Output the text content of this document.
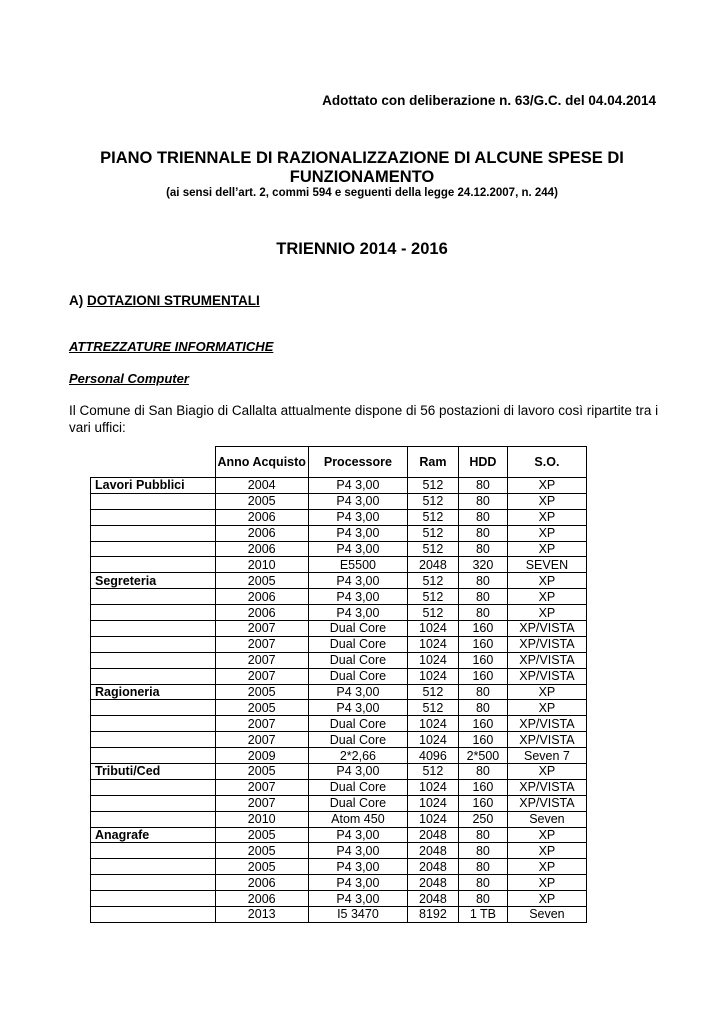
Adottato con deliberazione n. 63/G.C. del 04.04.2014
PIANO TRIENNALE DI RAZIONALIZZAZIONE DI ALCUNE SPESE DI FUNZIONAMENTO
(ai sensi dell’art. 2, commi 594 e seguenti della legge 24.12.2007, n. 244)
TRIENNIO 2014 - 2016
A) DOTAZIONI STRUMENTALI
ATTREZZATURE INFORMATICHE
Personal Computer
Il Comune di San Biagio di Callalta attualmente dispone di 56 postazioni di lavoro così ripartite tra i vari uffici:
	Anno Acquisto	Processore	Ram	HDD	S.O.
Lavori Pubblici	2004	P4 3,00	512	80	XP
	2005	P4 3,00	512	80	XP
	2006	P4 3,00	512	80	XP
	2006	P4 3,00	512	80	XP
	2006	P4 3,00	512	80	XP
	2010	E5500	2048	320	SEVEN
Segreteria	2005	P4 3,00	512	80	XP
	2006	P4 3,00	512	80	XP
	2006	P4 3,00	512	80	XP
	2007	Dual Core	1024	160	XP/VISTA
	2007	Dual Core	1024	160	XP/VISTA
	2007	Dual Core	1024	160	XP/VISTA
	2007	Dual Core	1024	160	XP/VISTA
Ragioneria	2005	P4 3,00	512	80	XP
	2005	P4 3,00	512	80	XP
	2007	Dual Core	1024	160	XP/VISTA
	2007	Dual Core	1024	160	XP/VISTA
	2009	2*2,66	4096	2*500	Seven 7
Tributi/Ced	2005	P4 3,00	512	80	XP
	2007	Dual Core	1024	160	XP/VISTA
	2007	Dual Core	1024	160	XP/VISTA
	2010	Atom 450	1024	250	Seven
Anagrafe	2005	P4 3,00	2048	80	XP
	2005	P4 3,00	2048	80	XP
	2005	P4 3,00	2048	80	XP
	2006	P4 3,00	2048	80	XP
	2006	P4 3,00	2048	80	XP
	2013	I5 3470	8192	1 TB	Seven
